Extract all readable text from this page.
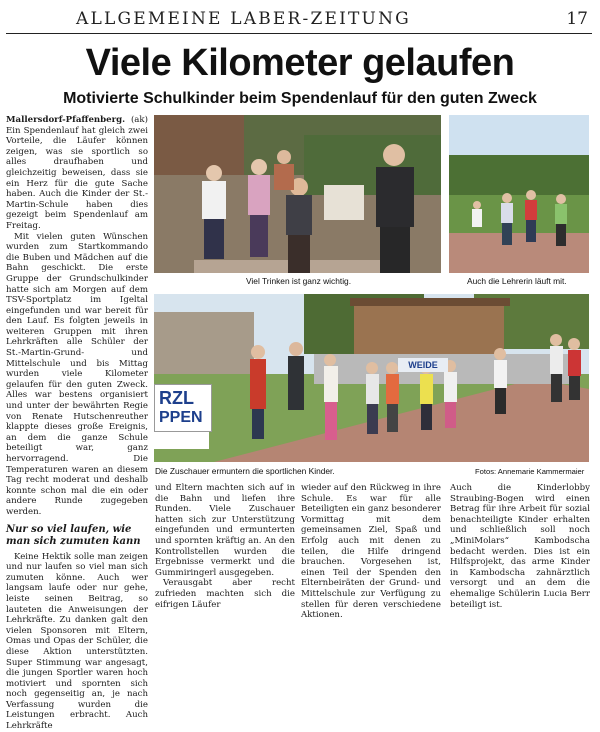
ALLGEMEINE LABER-ZEITUNG	17
Viele Kilometer gelaufen
Motivierte Schulkinder beim Spendenlauf für den guten Zweck

Mallersdorf-Pfaffenberg. (ak) Ein Spendenlauf hat gleich zwei Vorteile, die Läufer können zeigen, was sie sportlich so alles draufhaben und gleichzeitig beweisen, dass sie ein Herz für die gute Sache haben. Auch die Kinder der St.-Martin-Schule haben dies gezeigt beim Spendenlauf am Freitag.

Mit vielen guten Wünschen wurden zum Startkommando die Buben und Mädchen auf die Bahn geschickt. Die erste Gruppe der Grundschulkinder hatte sich am Morgen auf dem TSV-Sportplatz im Igeltal eingefunden und war bereit für den Lauf. Es folgten jeweils in weiteren Gruppen mit ihren Lehrkräften alle Schüler der St.-Martin-Grund- und Mittelschule und bis Mittag wurden viele Kilometer gelaufen für den guten Zweck. Alles war bestens organisiert und unter der bewährten Regie von Renate Hutschenreuther klappte dieses große Ereignis, an dem die ganze Schule beteiligt war, ganz hervorragend. Die Temperaturen waren an diesem Tag recht moderat und deshalb konnte schon mal die ein oder andere Runde zugegeben werden.

Nur so viel laufen, wie man sich zumuten kann

Keine Hektik solle man zeigen und nur laufen so viel man sich zumuten könne. Auch wer langsam laufe oder nur gehe, leiste seinen Beitrag, so lauteten die Anweisungen der Lehrkräfte. Zu danken galt den vielen Sponsoren mit Eltern, Omas und Opas der Schüler, die diese Aktion unterstützten. Super Stimmung war angesagt, die jungen Sportler waren hoch motiviert und spornten sich noch gegenseitig an, je nach Verfassung wurden die Leistungen erbracht. Auch Lehrkräfte

Viel Trinken ist ganz wichtig.	Auch die Lehrerin läuft mit.
RZL
PPEN
WEIDE
Die Zuschauer ermuntern die sportlichen Kinder.	Fotos: Annemarie Kammermaier

und Eltern machten sich auf in die Bahn und liefen ihre Runden. Viele Zuschauer hatten sich zur Unterstützung eingefunden und ermunterten und spornten kräftig an. An den Kontrollstellen wurden die Ergebnisse vermerkt und die Gummiringerl ausgegeben.

Verausgabt aber recht zufrieden machten sich die eifrigen Läufer

wieder auf den Rückweg in ihre Schule. Es war für alle Beteiligten ein ganz besonderer Vormittag mit dem gemeinsamen Ziel, Spaß und Erfolg auch mit denen zu teilen, die Hilfe dringend brauchen. Vorgesehen ist, einen Teil der Spenden den Elternbeiräten der Grund- und Mittelschule zur Verfügung zu stellen für deren verschiedene Aktionen.

Auch die Kinderlobby Straubing-Bogen wird einen Betrag für ihre Arbeit für sozial benachteiligte Kinder erhalten und schließlich soll noch „MiniMolars“ Kambodscha bedacht werden. Dies ist ein Hilfsprojekt, das arme Kinder in Kambodscha zahnärztlich versorgt und an dem die ehemalige Schülerin Lucia Berr beteiligt ist.
